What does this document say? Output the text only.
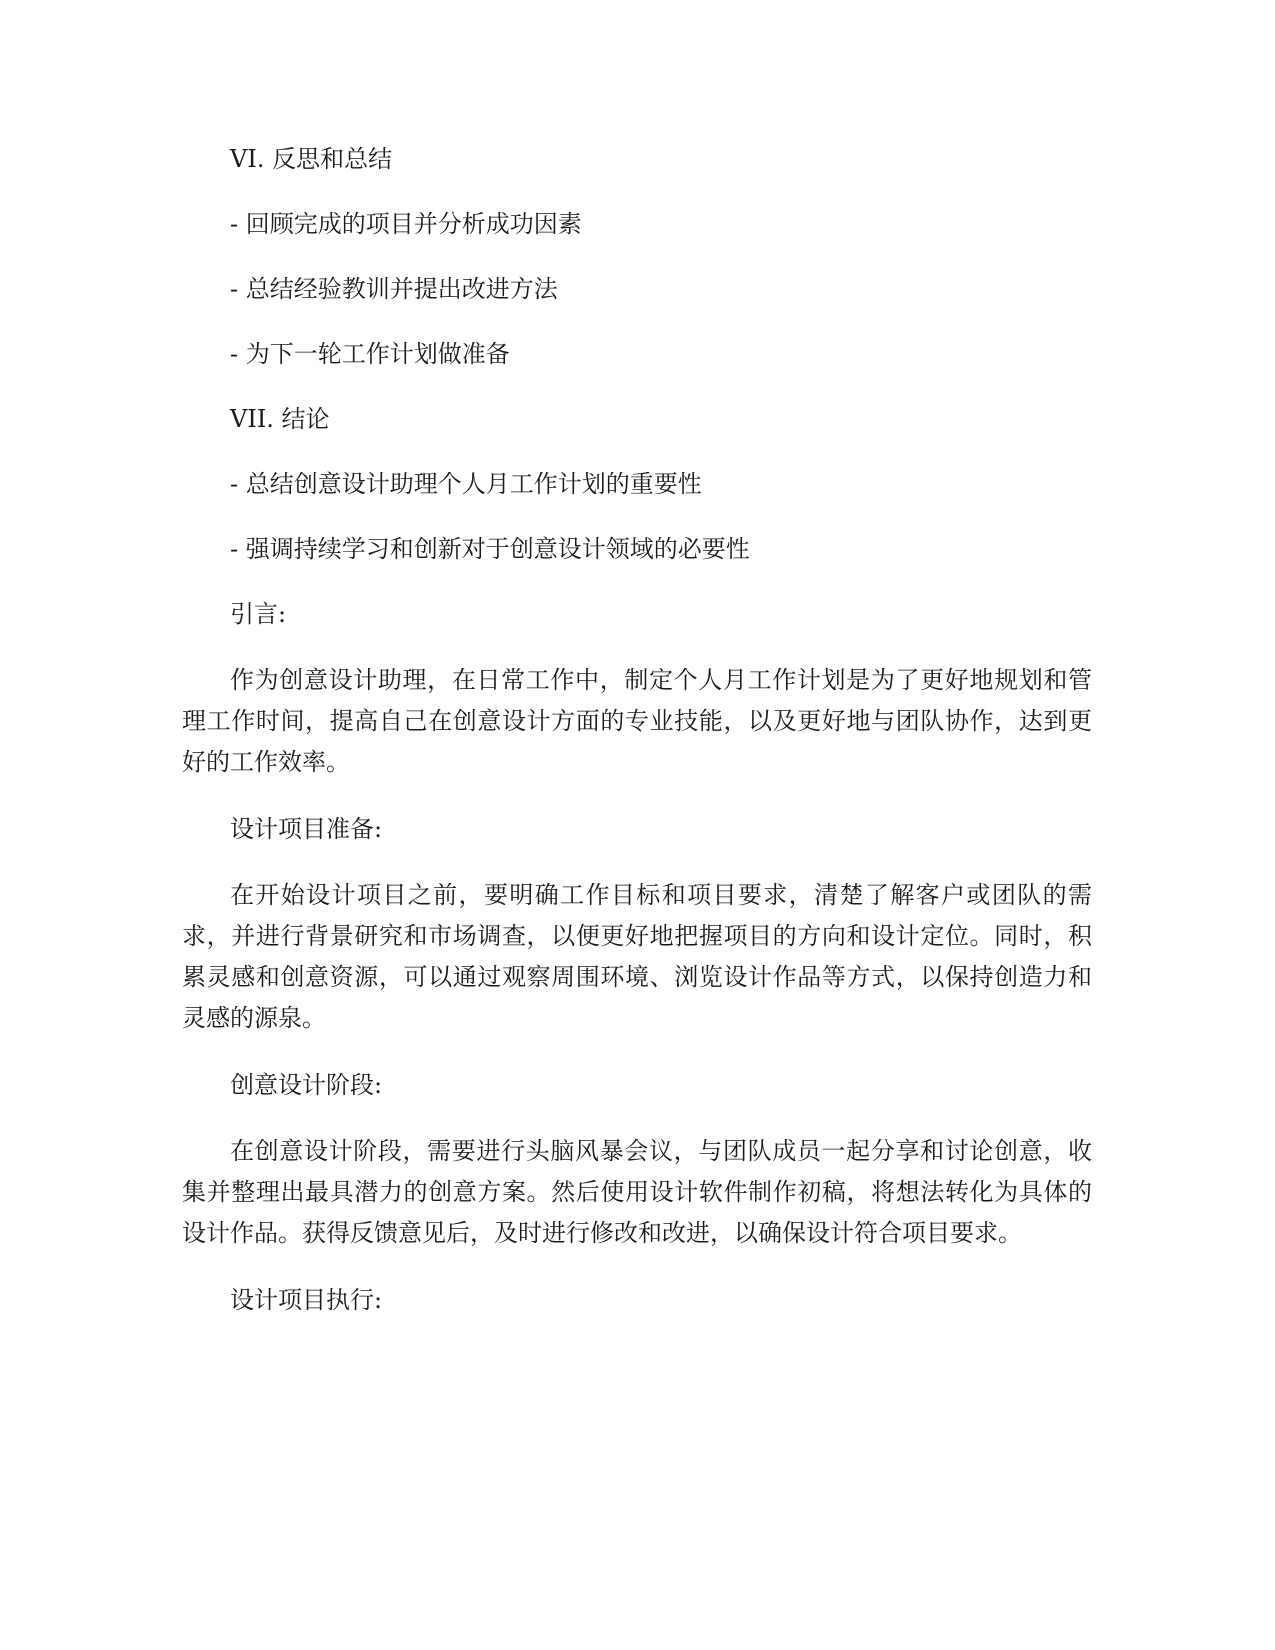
VI. 反思和总结
- 回顾完成的项目并分析成功因素
- 总结经验教训并提出改进方法
- 为下一轮工作计划做准备
VII. 结论
- 总结创意设计助理个人月工作计划的重要性
- 强调持续学习和创新对于创意设计领域的必要性
引言:

作为创意设计助理，在日常工作中，制定个人月工作计划是为了更好地规划和管理工作时间，提高自己在创意设计方面的专业技能，以及更好地与团队协作，达到更好的工作效率。

设计项目准备:

在开始设计项目之前，要明确工作目标和项目要求，清楚了解客户或团队的需求，并进行背景研究和市场调查，以便更好地把握项目的方向和设计定位。同时，积累灵感和创意资源，可以通过观察周围环境、浏览设计作品等方式，以保持创造力和灵感的源泉。

创意设计阶段:

在创意设计阶段，需要进行头脑风暴会议，与团队成员一起分享和讨论创意，收集并整理出最具潜力的创意方案。然后使用设计软件制作初稿，将想法转化为具体的设计作品。获得反馈意见后，及时进行修改和改进，以确保设计符合项目要求。

设计项目执行:
